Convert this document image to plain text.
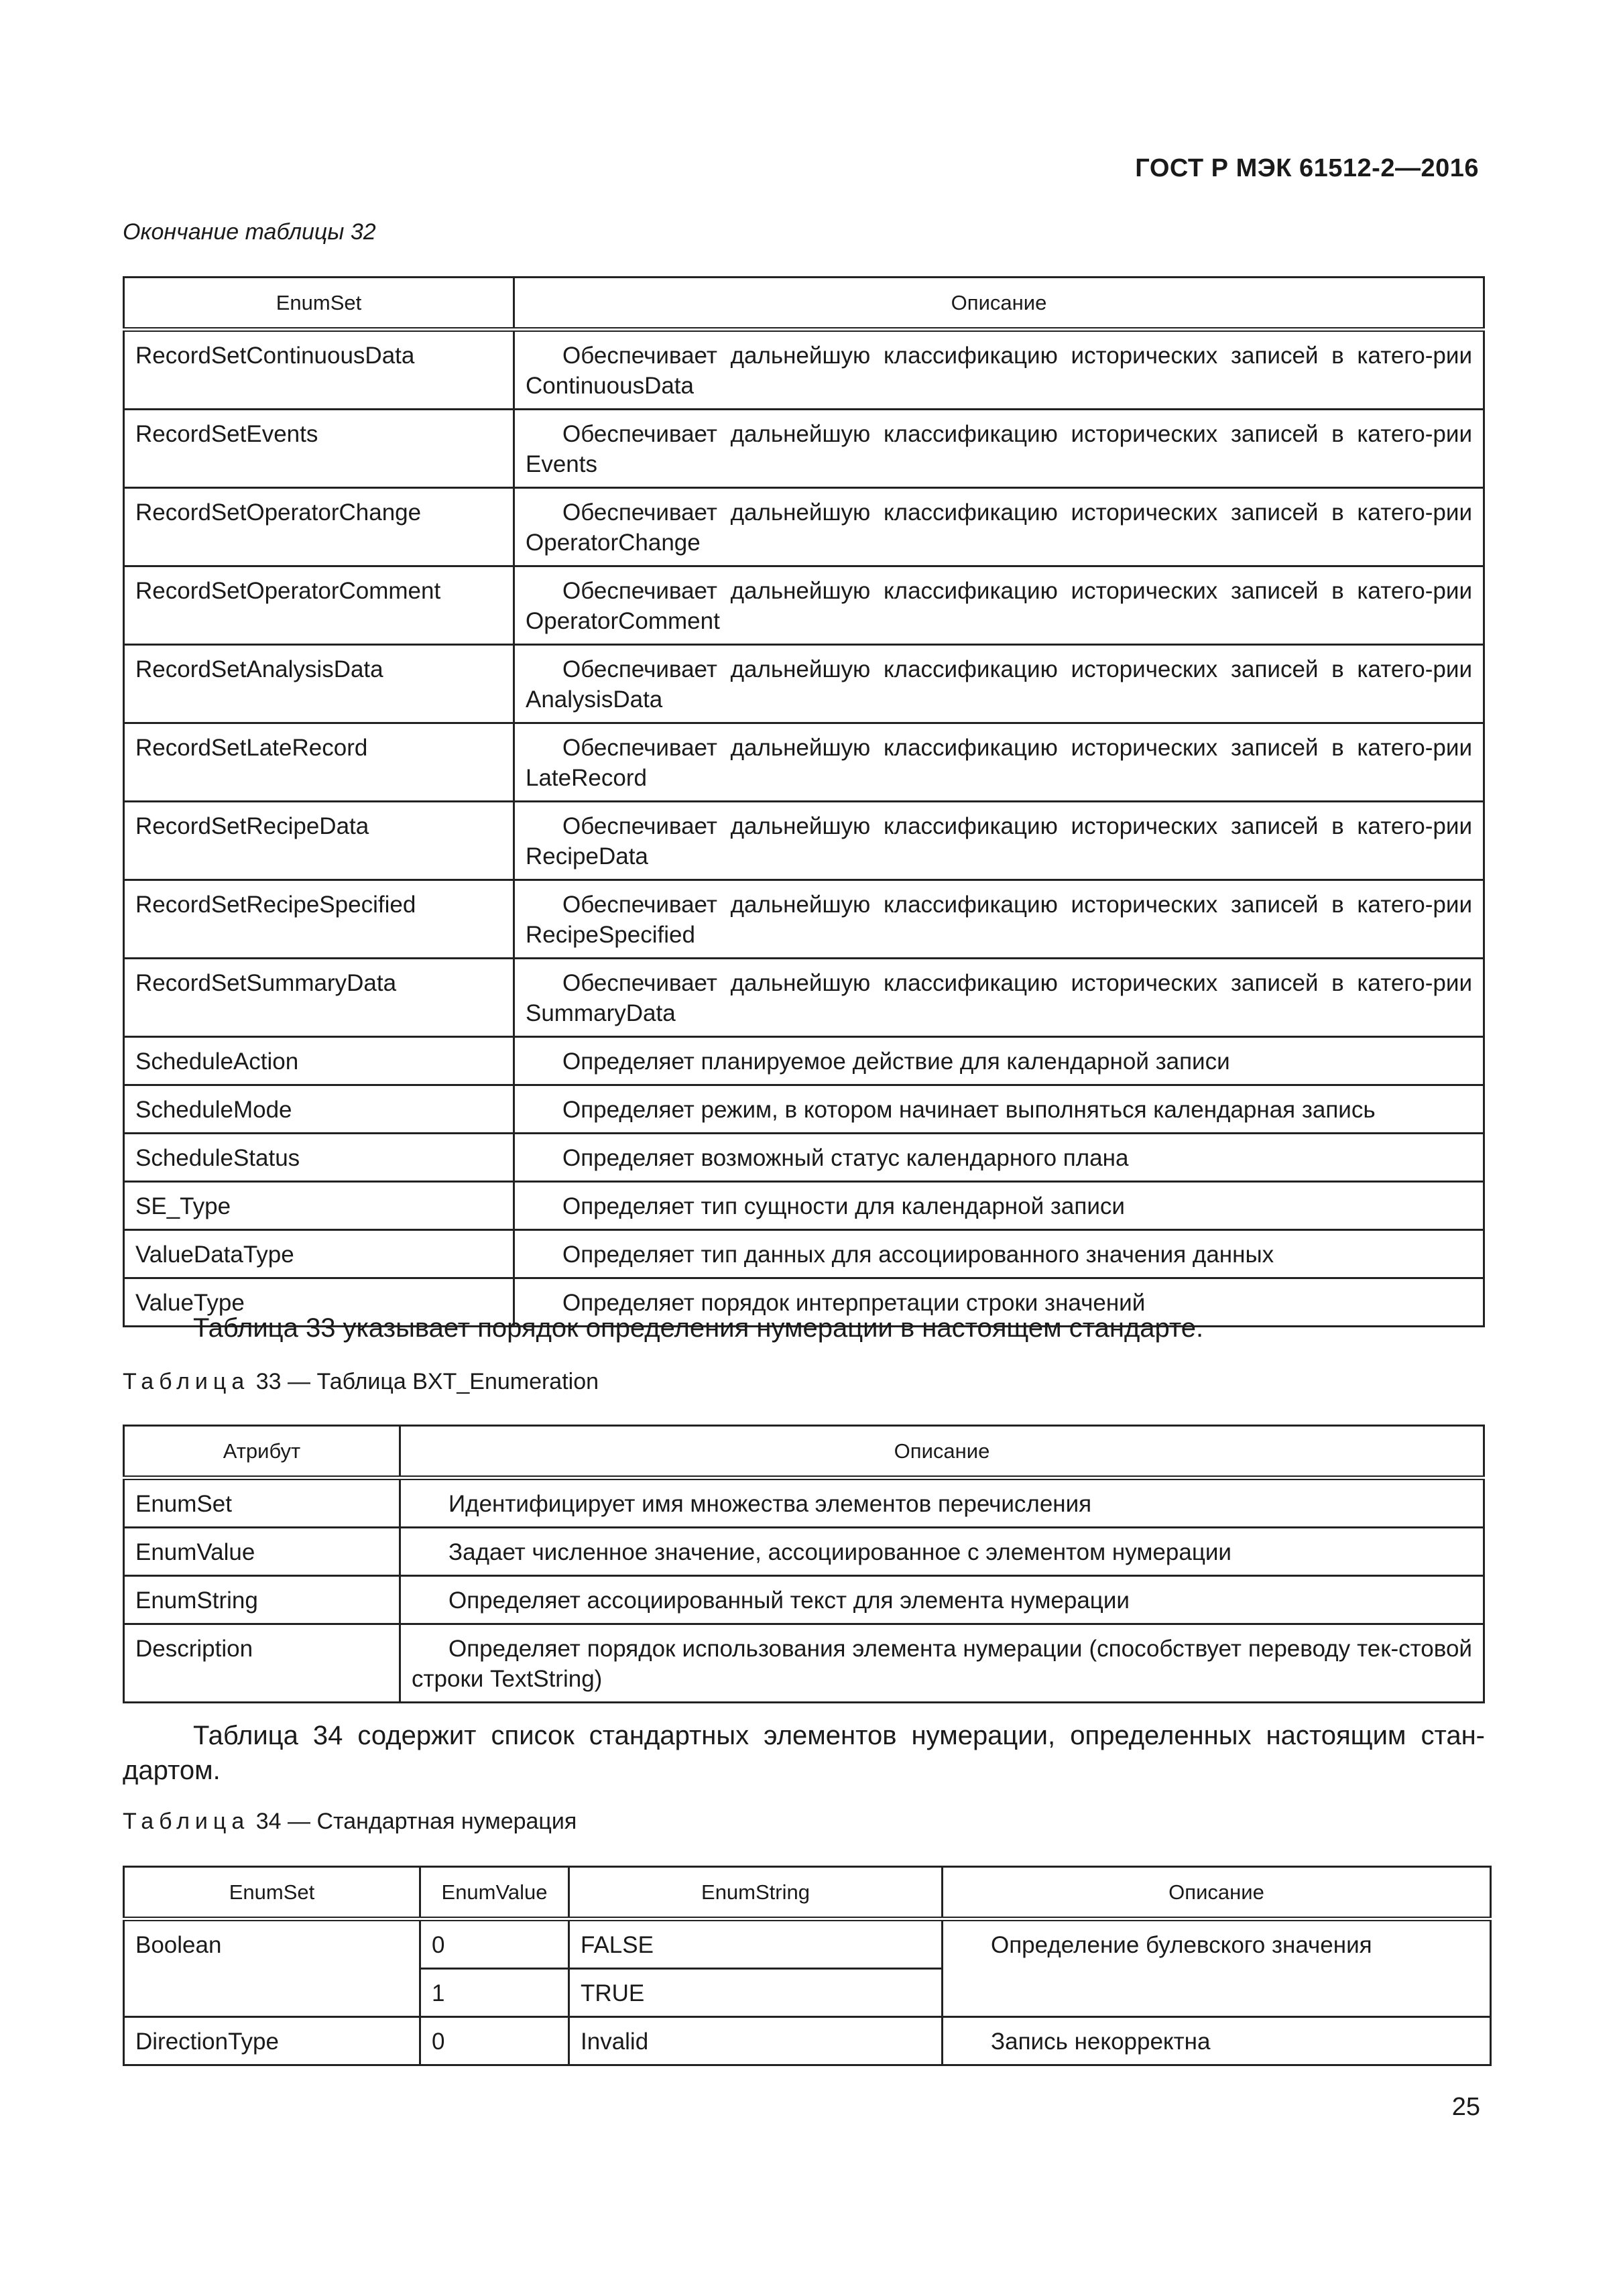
ГОСТ Р МЭК 61512-2—2016
Окончание таблицы 32
EnumSet	Описание
RecordSetContinuousData	Обеспечивает дальнейшую классификацию исторических записей в катего-рии ContinuousData
RecordSetEvents	Обеспечивает дальнейшую классификацию исторических записей в катего-рии Events
RecordSetOperatorChange	Обеспечивает дальнейшую классификацию исторических записей в катего-рии OperatorChange
RecordSetOperatorComment	Обеспечивает дальнейшую классификацию исторических записей в катего-рии OperatorComment
RecordSetAnalysisData	Обеспечивает дальнейшую классификацию исторических записей в катего-рии AnalysisData
RecordSetLateRecord	Обеспечивает дальнейшую классификацию исторических записей в катего-рии LateRecord
RecordSetRecipeData	Обеспечивает дальнейшую классификацию исторических записей в катего-рии RecipeData
RecordSetRecipeSpecified	Обеспечивает дальнейшую классификацию исторических записей в катего-рии RecipeSpecified
RecordSetSummaryData	Обеспечивает дальнейшую классификацию исторических записей в катего-рии SummaryData
ScheduleAction	Определяет планируемое действие для календарной записи
ScheduleMode	Определяет режим, в котором начинает выполняться календарная запись
ScheduleStatus	Определяет возможный статус календарного плана
SE_Type	Определяет тип сущности для календарной записи
ValueDataType	Определяет тип данных для ассоциированного значения данных
ValueType	Определяет порядок интерпретации строки значений
Таблица 33 указывает порядок определения нумерации в настоящем стандарте.
Таблица 33 — Таблица BXT_Enumeration
Атрибут	Описание
EnumSet	Идентифицирует имя множества элементов перечисления
EnumValue	Задает численное значение, ассоциированное с элементом нумерации
EnumString	Определяет ассоциированный текст для элемента нумерации
Description	Определяет порядок использования элемента нумерации (способствует переводу тек-стовой строки TextString)
Таблица 34 содержит список стандартных элементов нумерации, определенных настоящим стан-дартом.
Таблица 34 — Стандартная нумерация
EnumSet	EnumValue	EnumString	Описание
Boolean	0	FALSE	Определение булевского значения
	1	TRUE	
DirectionType	0	Invalid	Запись некорректна
25
